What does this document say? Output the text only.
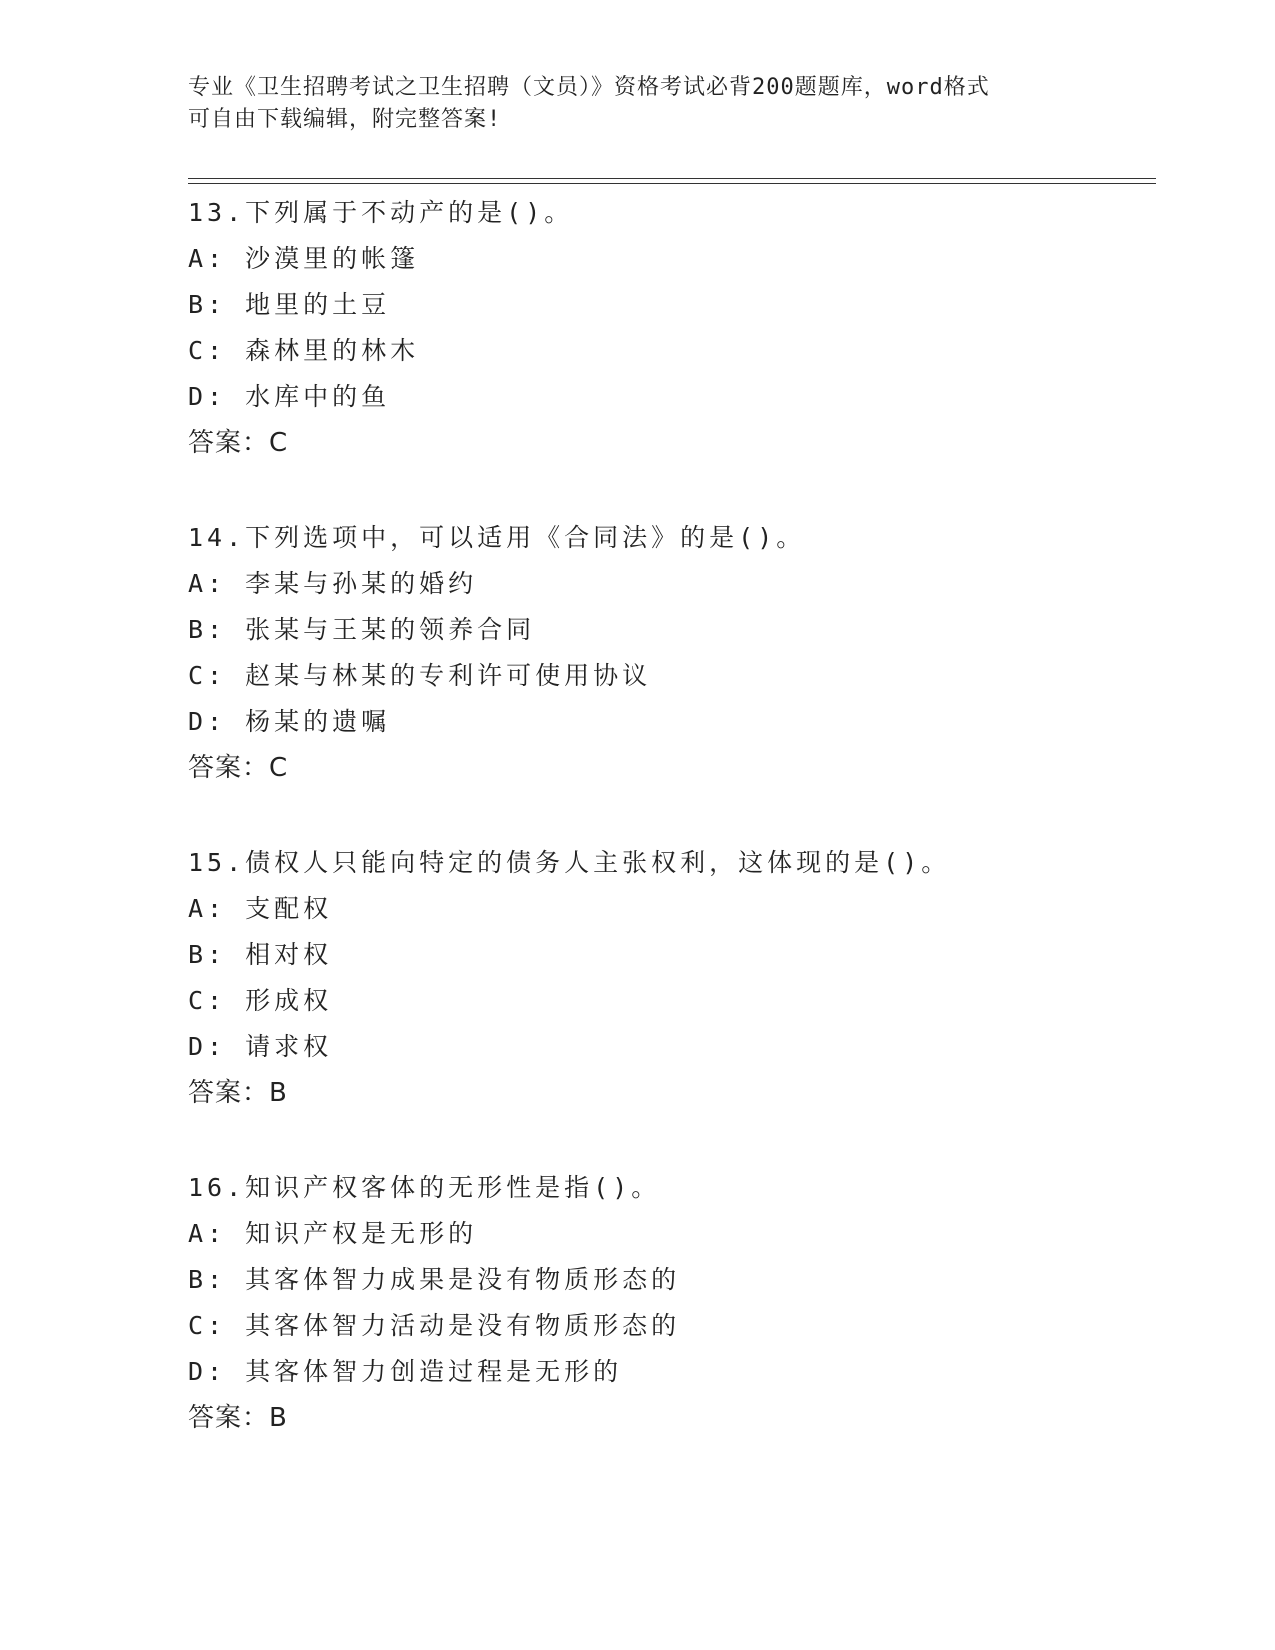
专业《卫生招聘考试之卫生招聘（文员）》资格考试必背200题题库，word格式
可自由下载编辑，附完整答案!
13.下列属于不动产的是()。
A: 沙漠里的帐篷
B: 地里的土豆
C: 森林里的林木
D: 水库中的鱼
答案：C
14.下列选项中，可以适用《合同法》的是()。
A: 李某与孙某的婚约
B: 张某与王某的领养合同
C: 赵某与林某的专利许可使用协议
D: 杨某的遗嘱
答案：C
15.债权人只能向特定的债务人主张权利，这体现的是()。
A: 支配权
B: 相对权
C: 形成权
D: 请求权
答案：B
16.知识产权客体的无形性是指()。
A: 知识产权是无形的
B: 其客体智力成果是没有物质形态的
C: 其客体智力活动是没有物质形态的
D: 其客体智力创造过程是无形的
答案：B
